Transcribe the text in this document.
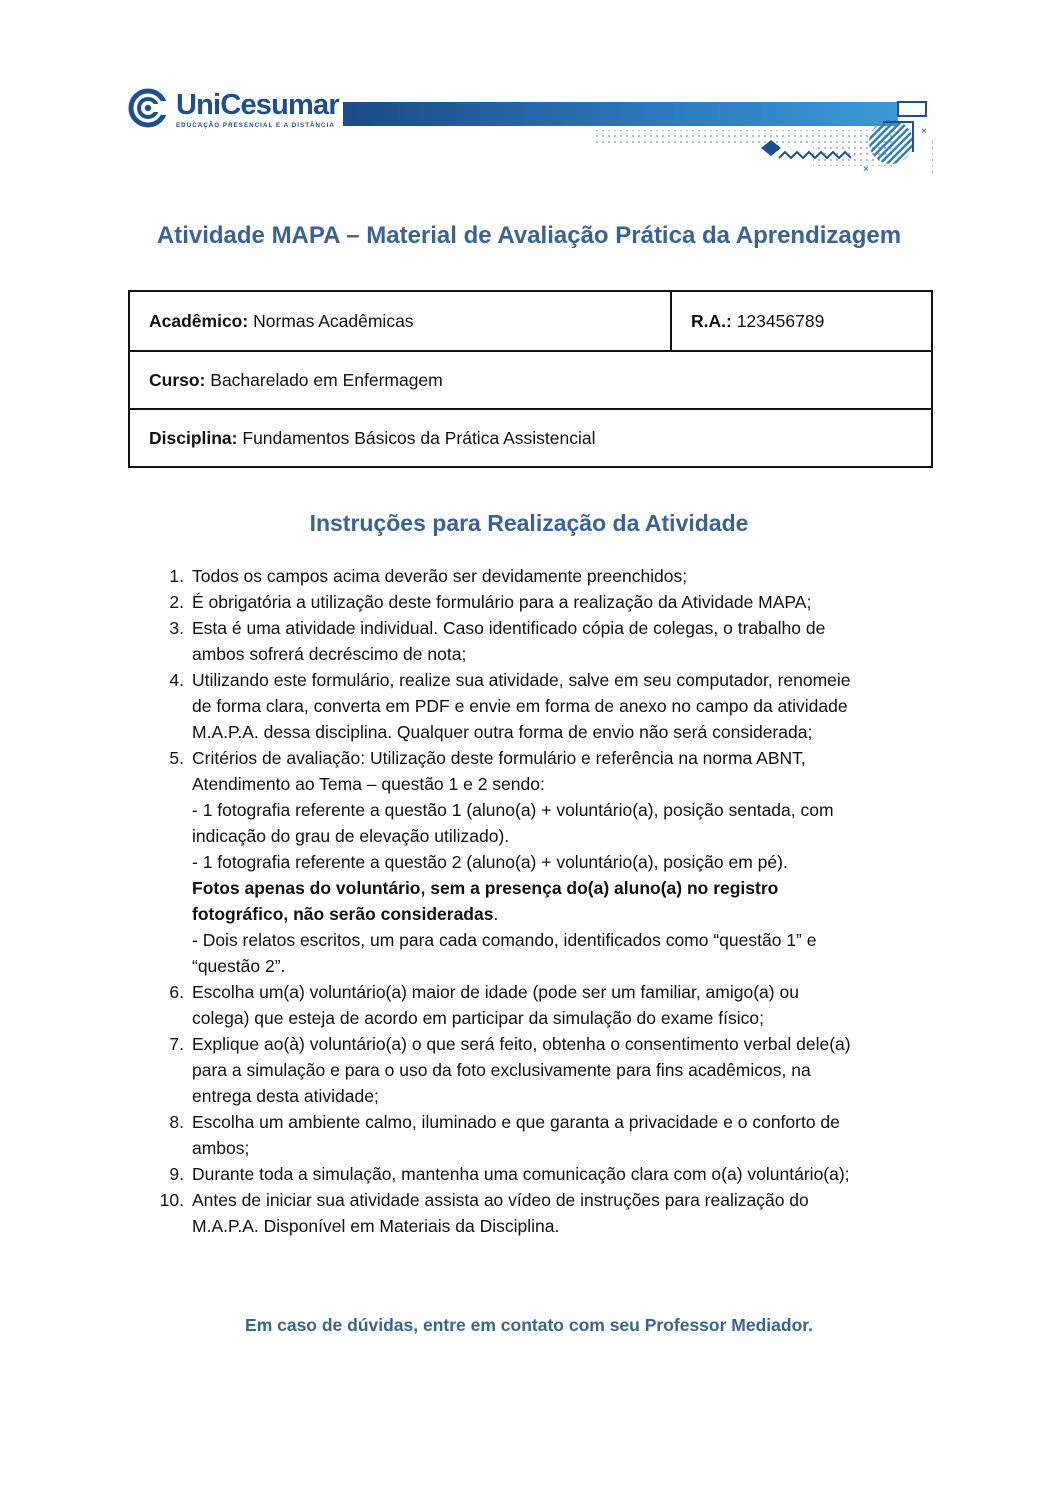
UniCesumar
EDUCAÇÃO PRESENCIAL E A DISTÂNCIA
×
×
Atividade MAPA – Material de Avaliação Prática da Aprendizagem
Acadêmico: Normas Acadêmicas	R.A.: 123456789
Curso: Bacharelado em Enfermagem
Disciplina: Fundamentos Básicos da Prática Assistencial
Instruções para Realização da Atividade
1. Todos os campos acima deverão ser devidamente preenchidos;
2. É obrigatória a utilização deste formulário para a realização da Atividade MAPA;
3. Esta é uma atividade individual. Caso identificado cópia de colegas, o trabalho de
ambos sofrerá decréscimo de nota;
4. Utilizando este formulário, realize sua atividade, salve em seu computador, renomeie
de forma clara, converta em PDF e envie em forma de anexo no campo da atividade
M.A.P.A. dessa disciplina. Qualquer outra forma de envio não será considerada;
5. Critérios de avaliação: Utilização deste formulário e referência na norma ABNT,
Atendimento ao Tema – questão 1 e 2 sendo:
- 1 fotografia referente a questão 1 (aluno(a) + voluntário(a), posição sentada, com
indicação do grau de elevação utilizado).
- 1 fotografia referente a questão 2 (aluno(a) + voluntário(a), posição em pé).
Fotos apenas do voluntário, sem a presença do(a) aluno(a) no registro
fotográfico, não serão consideradas.
- Dois relatos escritos, um para cada comando, identificados como “questão 1” e
“questão 2”.
6. Escolha um(a) voluntário(a) maior de idade (pode ser um familiar, amigo(a) ou
colega) que esteja de acordo em participar da simulação do exame físico;
7. Explique ao(à) voluntário(a) o que será feito, obtenha o consentimento verbal dele(a)
para a simulação e para o uso da foto exclusivamente para fins acadêmicos, na
entrega desta atividade;
8. Escolha um ambiente calmo, iluminado e que garanta a privacidade e o conforto de
ambos;
9. Durante toda a simulação, mantenha uma comunicação clara com o(a) voluntário(a);
10. Antes de iniciar sua atividade assista ao vídeo de instruções para realização do
M.A.P.A. Disponível em Materiais da Disciplina.
Em caso de dúvidas, entre em contato com seu Professor Mediador.
